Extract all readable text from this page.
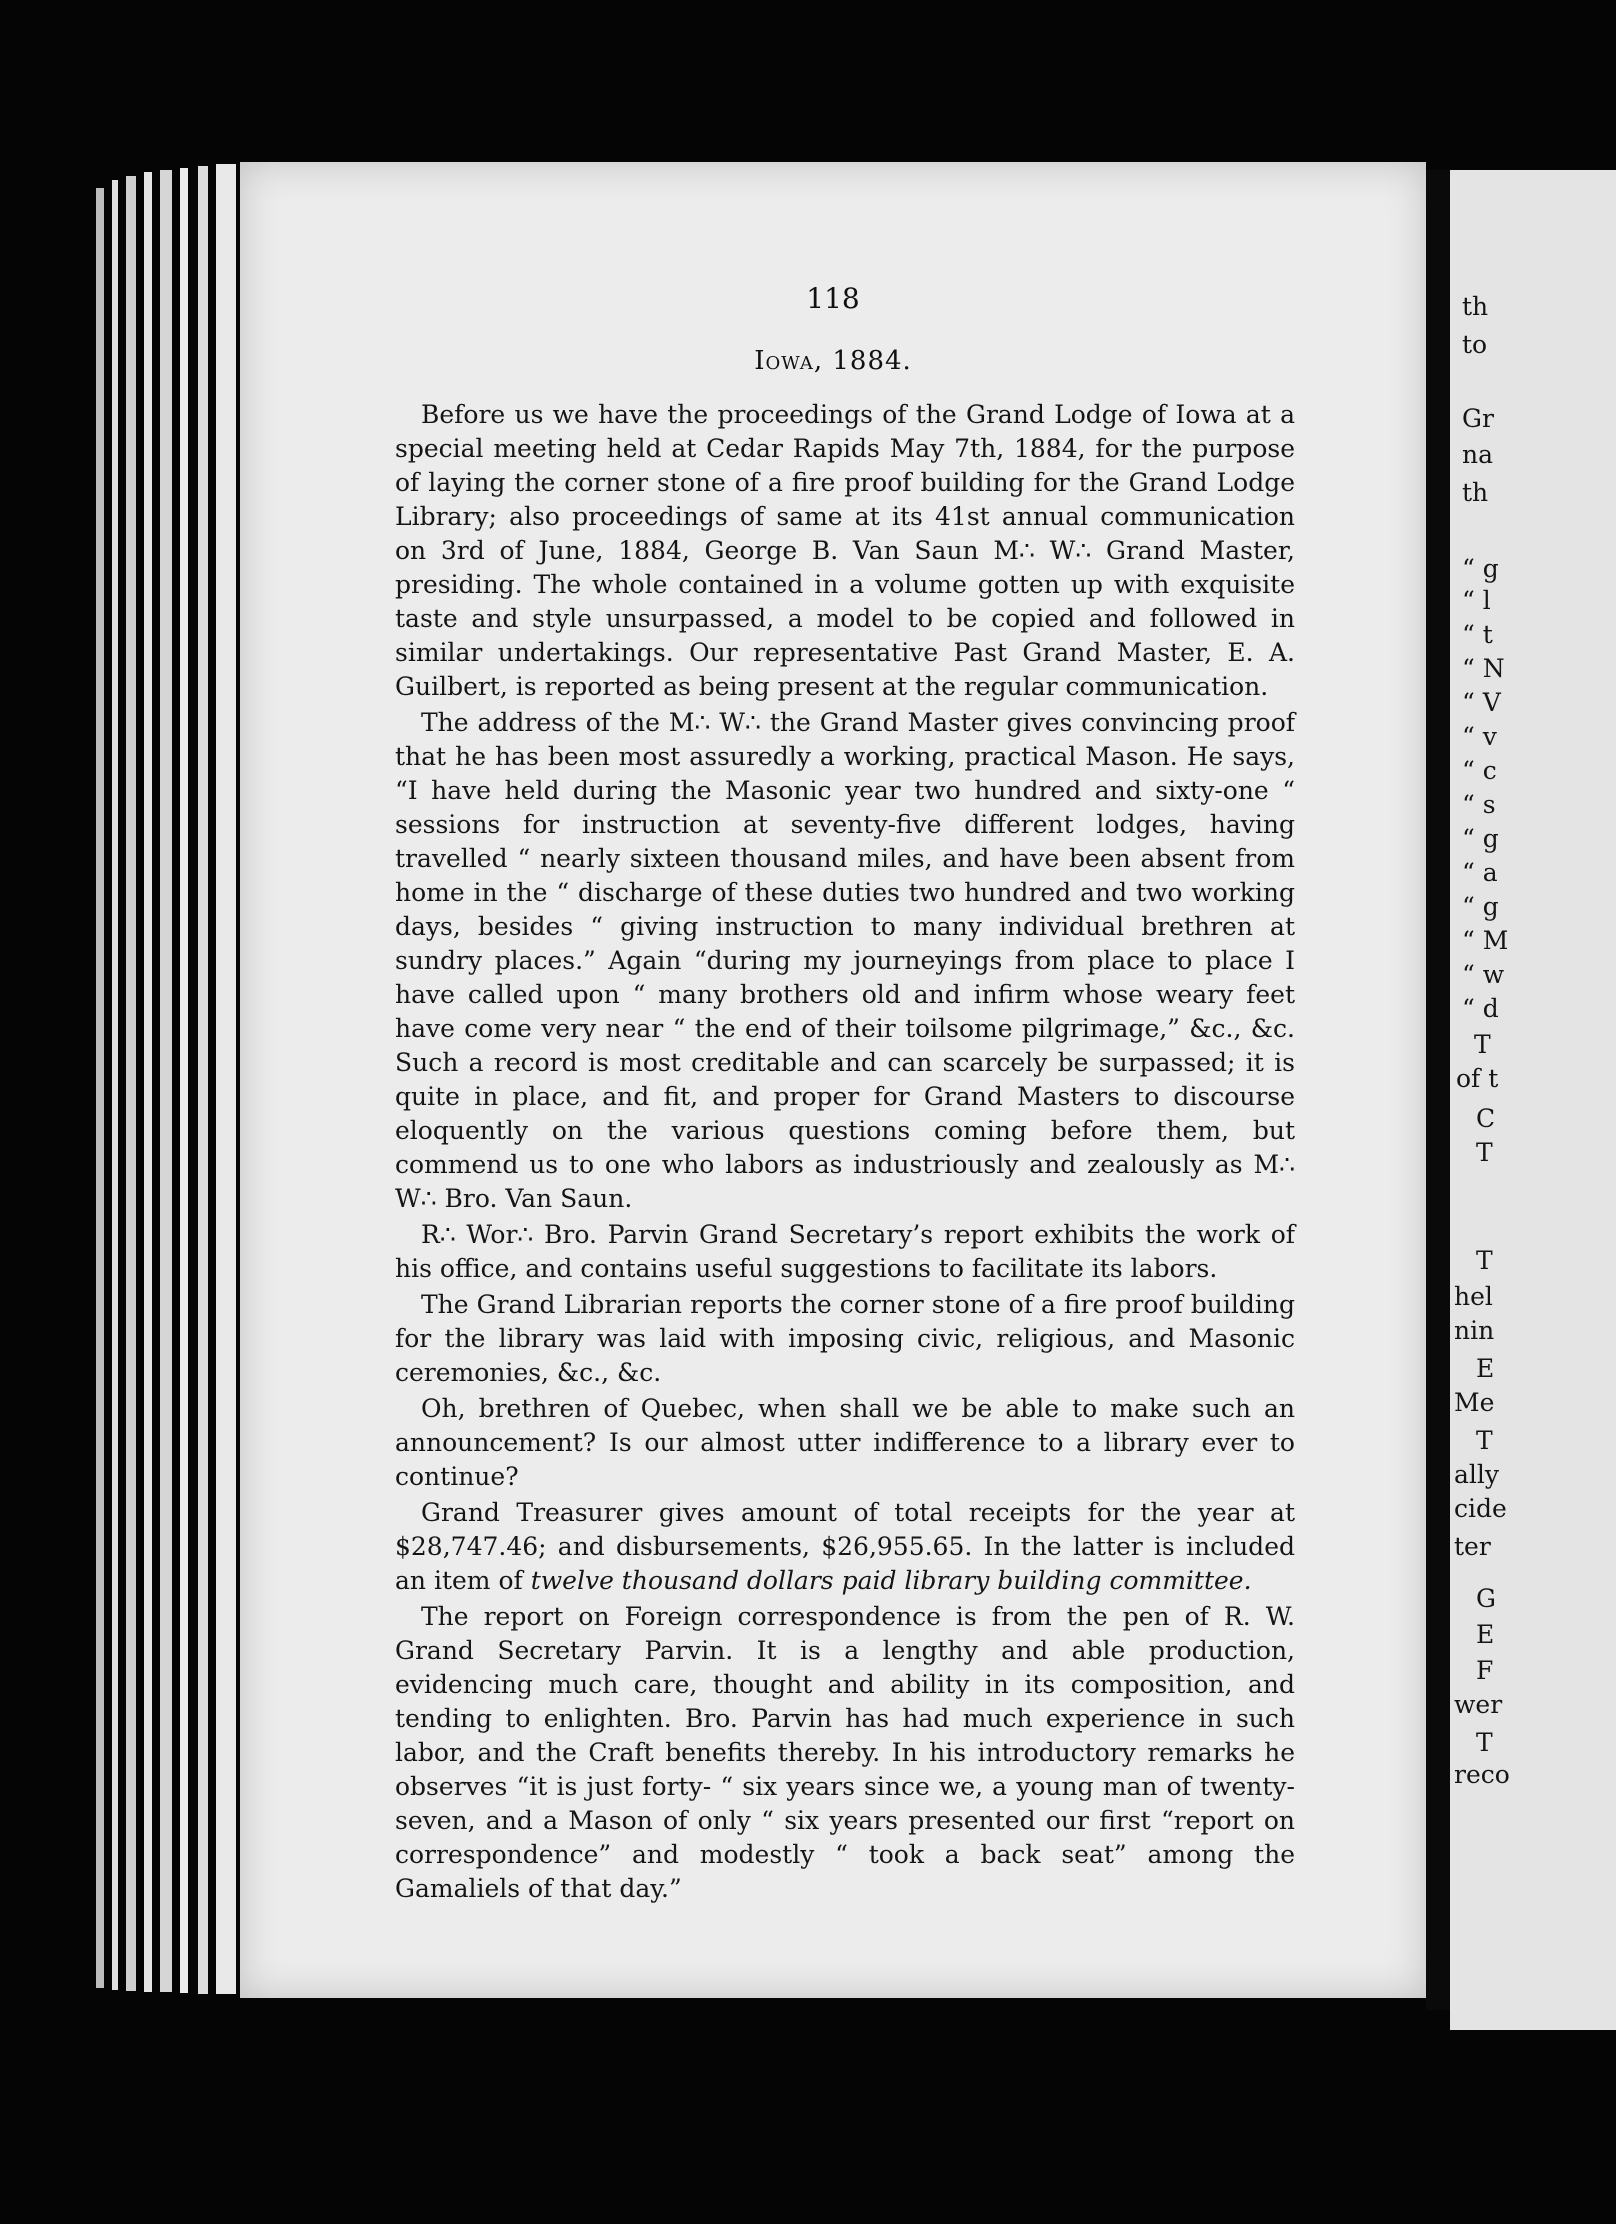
118
Iowa, 1884.

Before us we have the proceedings of the Grand Lodge of Iowa at a special meeting held at Cedar Rapids May 7th, 1884, for the purpose of laying the corner stone of a fire proof building for the Grand Lodge Library; also proceedings of same at its 41st annual communication on 3rd of June, 1884, George B. Van Saun M∴ W∴ Grand Master, presiding. The whole contained in a volume gotten up with exquisite taste and style unsurpassed, a model to be copied and followed in similar undertakings. Our representative Past Grand Master, E. A. Guilbert, is reported as being present at the regular communication.

The address of the M∴ W∴ the Grand Master gives convincing proof that he has been most assuredly a working, practical Mason. He says, “I have held during the Masonic year two hundred and sixty-one “ sessions for instruction at seventy-five different lodges, having travelled “ nearly sixteen thousand miles, and have been absent from home in the “ discharge of these duties two hundred and two working days, besides “ giving instruction to many individual brethren at sundry places.” Again “during my journeyings from place to place I have called upon “ many brothers old and infirm whose weary feet have come very near “ the end of their toilsome pilgrimage,” &c., &c. Such a record is most creditable and can scarcely be surpassed; it is quite in place, and fit, and proper for Grand Masters to discourse eloquently on the various questions coming before them, but commend us to one who labors as industriously and zealously as M∴ W∴ Bro. Van Saun.

R∴ Wor∴ Bro. Parvin Grand Secretary’s report exhibits the work of his office, and contains useful suggestions to facilitate its labors.

The Grand Librarian reports the corner stone of a fire proof building for the library was laid with imposing civic, religious, and Masonic ceremonies, &c., &c.

Oh, brethren of Quebec, when shall we be able to make such an announcement? Is our almost utter indifference to a library ever to continue?

Grand Treasurer gives amount of total receipts for the year at $28,747.46; and disbursements, $26,955.65. In the latter is included an item of twelve thousand dollars paid library building committee.

The report on Foreign correspondence is from the pen of R. W. Grand Secretary Parvin. It is a lengthy and able production, evidencing much care, thought and ability in its composition, and tending to enlighten. Bro. Parvin has had much experience in such labor, and the Craft benefits thereby. In his introductory remarks he observes “it is just forty- “ six years since we, a young man of twenty-seven, and a Mason of only “ six years presented our first “report on correspondence” and modestly “ took a back seat” among the Gamaliels of that day.”

th
to
Gr
na
th
“ g
“ l
“ t
“ N
“ V
“ v
“ c
“ s
“ g
“ a
“ g
“ M
“ w
“ d
T
of t
C
T
T
hel
nin
E
Me
T
ally
cide
ter
G
E
F
wer
T
reco
